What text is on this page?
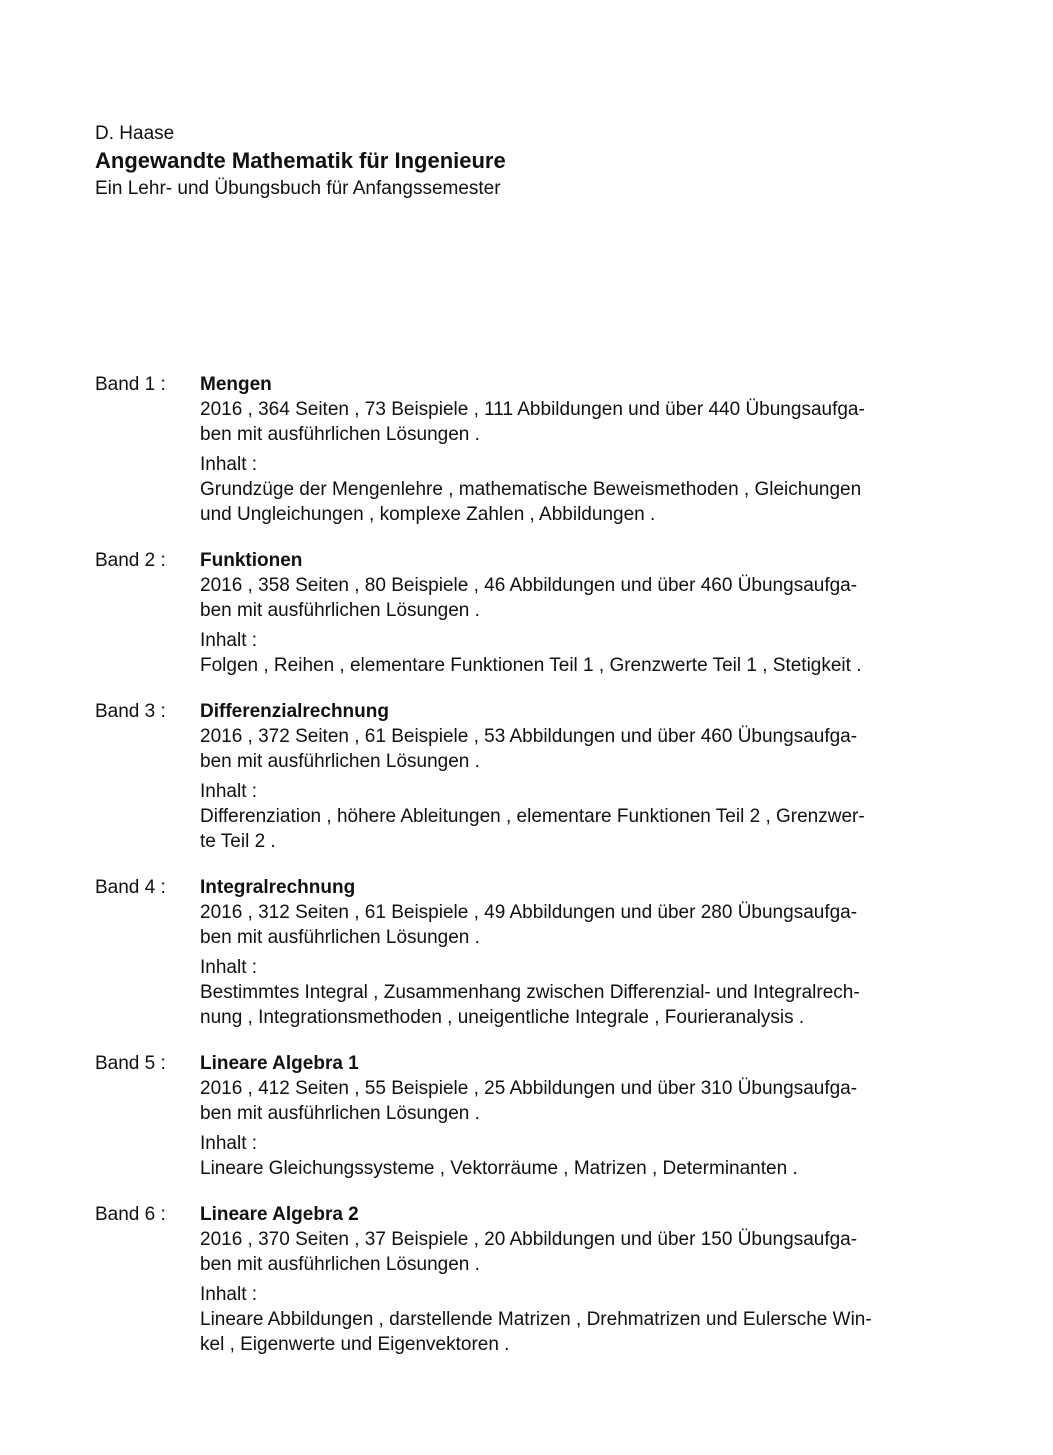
D. Haase
Angewandte Mathematik für Ingenieure
Ein Lehr- und Übungsbuch für Anfangssemester
Band 1 :	Mengen
2016 , 364 Seiten , 73 Beispiele , 111 Abbildungen und über 440 Übungsaufga-
ben mit ausführlichen Lösungen .
Inhalt :
Grundzüge der Mengenlehre , mathematische Beweismethoden , Gleichungen
und Ungleichungen , komplexe Zahlen , Abbildungen .
Band 2 :	Funktionen
2016 , 358 Seiten , 80 Beispiele , 46 Abbildungen und über 460 Übungsaufga-
ben mit ausführlichen Lösungen .
Inhalt :
Folgen , Reihen , elementare Funktionen Teil 1 , Grenzwerte Teil 1 , Stetigkeit .
Band 3 :	Differenzialrechnung
2016 , 372 Seiten , 61 Beispiele , 53 Abbildungen und über 460 Übungsaufga-
ben mit ausführlichen Lösungen .
Inhalt :
Differenziation , höhere Ableitungen , elementare Funktionen Teil 2 , Grenzwer-
te Teil 2 .
Band 4 :	Integralrechnung
2016 , 312 Seiten , 61 Beispiele , 49 Abbildungen und über 280 Übungsaufga-
ben mit ausführlichen Lösungen .
Inhalt :
Bestimmtes Integral , Zusammenhang zwischen Differenzial- und Integralrech-
nung , Integrationsmethoden , uneigentliche Integrale , Fourieranalysis .
Band 5 :	Lineare Algebra 1
2016 , 412 Seiten , 55 Beispiele , 25 Abbildungen und über 310 Übungsaufga-
ben mit ausführlichen Lösungen .
Inhalt :
Lineare Gleichungssysteme , Vektorräume , Matrizen , Determinanten .
Band 6 :	Lineare Algebra 2
2016 , 370 Seiten , 37 Beispiele , 20 Abbildungen und über 150 Übungsaufga-
ben mit ausführlichen Lösungen .
Inhalt :
Lineare Abbildungen , darstellende Matrizen , Drehmatrizen und Eulersche Win-
kel , Eigenwerte und Eigenvektoren .
